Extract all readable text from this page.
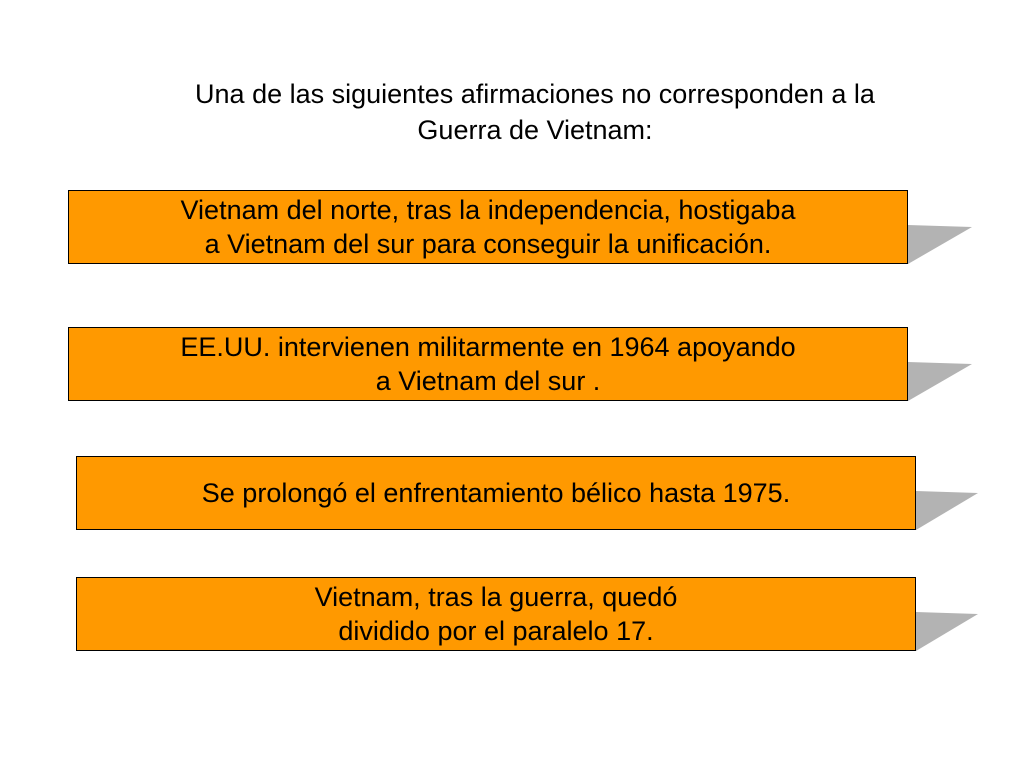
Una de las siguientes afirmaciones no corresponden a la
Guerra de Vietnam:
Vietnam del norte, tras la independencia, hostigaba
a Vietnam del sur para conseguir la unificación.
EE.UU. intervienen militarmente en 1964 apoyando
a Vietnam del sur .
Se prolongó el enfrentamiento bélico hasta 1975.
Vietnam, tras la guerra, quedó
dividido por el paralelo 17.
